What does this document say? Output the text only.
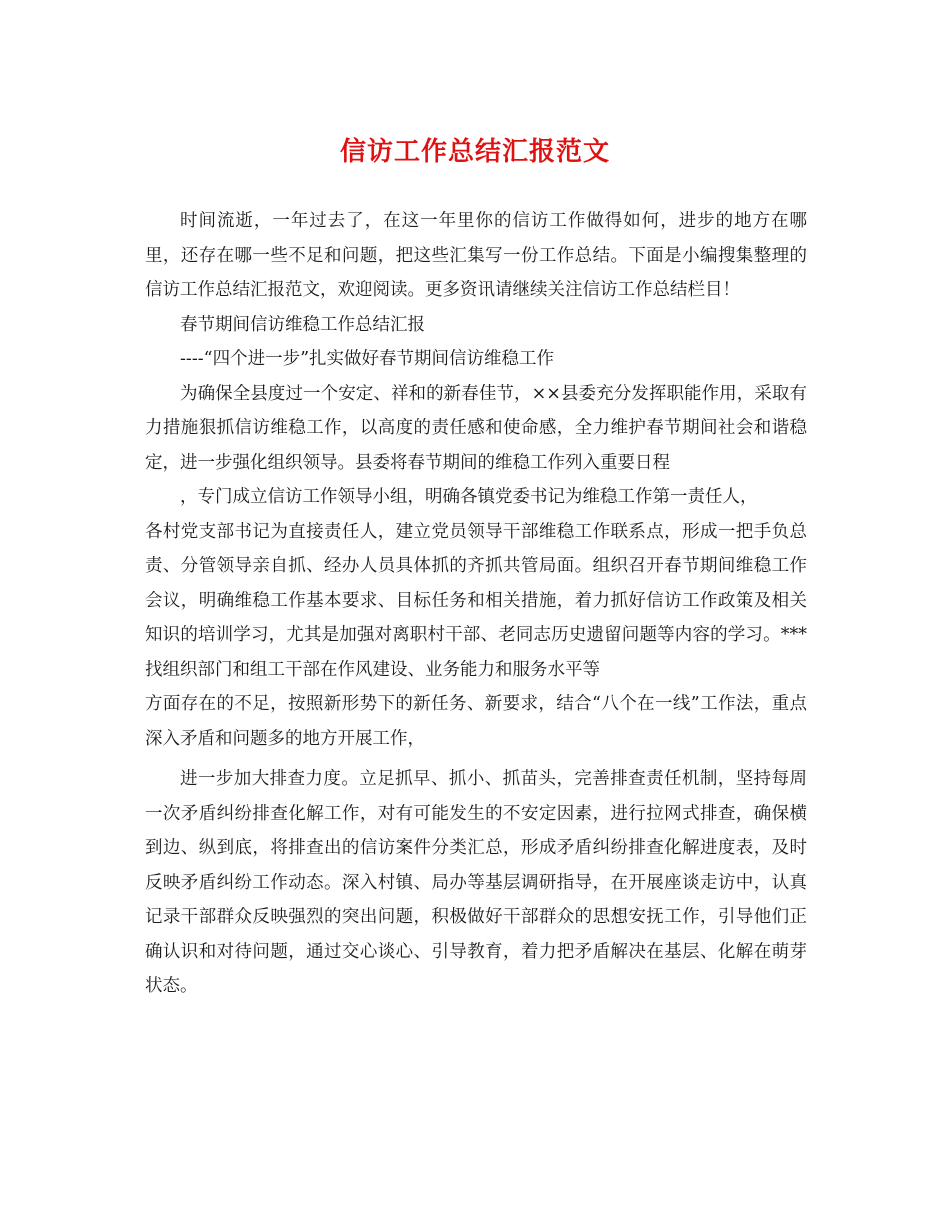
信访工作总结汇报范文

时间流逝，一年过去了，在这一年里你的信访工作做得如何，进步的地方在哪里，还存在哪一些不足和问题，把这些汇集写一份工作总结。下面是小编搜集整理的信访工作总结汇报范文，欢迎阅读。更多资讯请继续关注信访工作总结栏目！

春节期间信访维稳工作总结汇报

----“四个进一步”扎实做好春节期间信访维稳工作

为确保全县度过一个安定、祥和的新春佳节，××县委充分发挥职能作用，采取有力措施狠抓信访维稳工作，以高度的责任感和使命感，全力维护春节期间社会和谐稳定，进一步强化组织领导。县委将春节期间的维稳工作列入重要日程

，专门成立信访工作领导小组，明确各镇党委书记为维稳工作第一责任人，

各村党支部书记为直接责任人，建立党员领导干部维稳工作联系点，形成一把手负总责、分管领导亲自抓、经办人员具体抓的齐抓共管局面。组织召开春节期间维稳工作会议，明确维稳工作基本要求、目标任务和相关措施，着力抓好信访工作政策及相关知识的培训学习，尤其是加强对离职村干部、老同志历史遗留问题等内容的学习。***找组织部门和组工干部在作风建设、业务能力和服务水平等

方面存在的不足，按照新形势下的新任务、新要求，结合“八个在一线”工作法，重点深入矛盾和问题多的地方开展工作，

进一步加大排查力度。立足抓早、抓小、抓苗头，完善排查责任机制，坚持每周一次矛盾纠纷排查化解工作，对有可能发生的不安定因素，进行拉网式排查，确保横到边、纵到底，将排查出的信访案件分类汇总，形成矛盾纠纷排查化解进度表，及时反映矛盾纠纷工作动态。深入村镇、局办等基层调研指导，在开展座谈走访中，认真记录干部群众反映强烈的突出问题，积极做好干部群众的思想安抚工作，引导他们正确认识和对待问题，通过交心谈心、引导教育，着力把矛盾解决在基层、化解在萌芽状态。
